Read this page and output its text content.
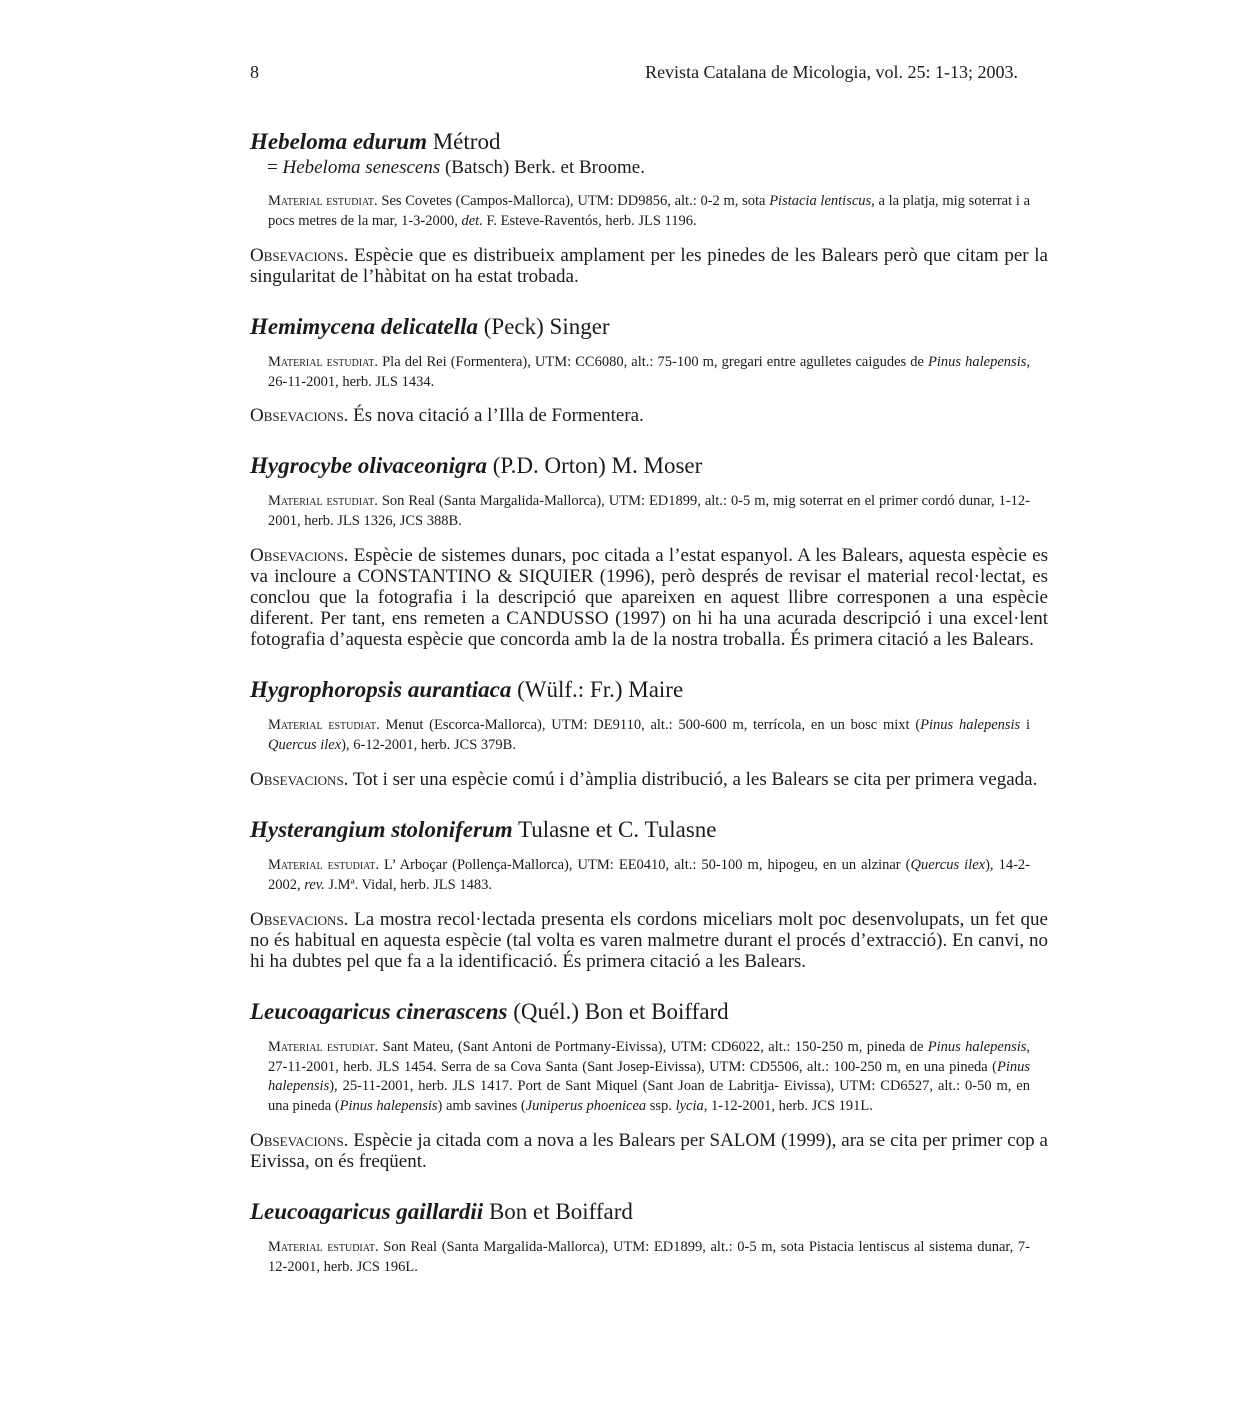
8	Revista Catalana de Micologia, vol. 25: 1-13; 2003.

Hebeloma edurum Métrod

= Hebeloma senescens (Batsch) Berk. et Broome.

Material estudiat. Ses Covetes (Campos-Mallorca), UTM: DD9856, alt.: 0-2 m, sota Pistacia lentiscus, a la platja, mig soterrat i a pocs metres de la mar, 1-3-2000, det. F. Esteve-Raventós, herb. JLS 1196.

Obsevacions. Espècie que es distribueix amplament per les pinedes de les Balears però que citam per la singularitat de l’hàbitat on ha estat trobada.

Hemimycena delicatella (Peck) Singer

Material estudiat. Pla del Rei (Formentera), UTM: CC6080, alt.: 75-100 m, gregari entre agulletes caigudes de Pinus halepensis, 26-11-2001, herb. JLS 1434.

Obsevacions. És nova citació a l’Illa de Formentera.

Hygrocybe olivaceonigra (P.D. Orton) M. Moser

Material estudiat. Son Real (Santa Margalida-Mallorca), UTM: ED1899, alt.: 0-5 m, mig soterrat en el primer cordó dunar, 1-12-2001, herb. JLS 1326, JCS 388B.

Obsevacions. Espècie de sistemes dunars, poc citada a l’estat espanyol. A les Balears, aquesta espècie es va incloure a CONSTANTINO & SIQUIER (1996), però després de revisar el material recol·lectat, es conclou que la fotografia i la descripció que apareixen en aquest llibre corresponen a una espècie diferent. Per tant, ens remeten a CANDUSSO (1997) on hi ha una acurada descripció i una excel·lent fotografia d’aquesta espècie que concorda amb la de la nostra troballa. És primera citació a les Balears.

Hygrophoropsis aurantiaca (Wülf.: Fr.) Maire

Material estudiat. Menut (Escorca-Mallorca), UTM: DE9110, alt.: 500-600 m, terrícola, en un bosc mixt (Pinus halepensis i Quercus ilex), 6-12-2001, herb. JCS 379B.

Obsevacions. Tot i ser una espècie comú i d’àmplia distribució, a les Balears se cita per primera vegada.

Hysterangium stoloniferum Tulasne et C. Tulasne

Material estudiat. L’ Arboçar (Pollença-Mallorca), UTM: EE0410, alt.: 50-100 m, hipogeu, en un alzinar (Quercus ilex), 14-2-2002, rev. J.Mª. Vidal, herb. JLS 1483.

Obsevacions. La mostra recol·lectada presenta els cordons miceliars molt poc desenvolupats, un fet que no és habitual en aquesta espècie (tal volta es varen malmetre durant el procés d’extracció). En canvi, no hi ha dubtes pel que fa a la identificació. És primera citació a les Balears.

Leucoagaricus cinerascens (Quél.) Bon et Boiffard

Material estudiat. Sant Mateu, (Sant Antoni de Portmany-Eivissa), UTM: CD6022, alt.: 150-250 m, pineda de Pinus halepensis, 27-11-2001, herb. JLS 1454. Serra de sa Cova Santa (Sant Josep-Eivissa), UTM: CD5506, alt.: 100-250 m, en una pineda (Pinus halepensis), 25-11-2001, herb. JLS 1417. Port de Sant Miquel (Sant Joan de Labritja- Eivissa), UTM: CD6527, alt.: 0-50 m, en una pineda (Pinus halepensis) amb savines (Juniperus phoenicea ssp. lycia, 1-12-2001, herb. JCS 191L.

Obsevacions. Espècie ja citada com a nova a les Balears per SALOM (1999), ara se cita per primer cop a Eivissa, on és freqüent.

Leucoagaricus gaillardii Bon et Boiffard

Material estudiat. Son Real (Santa Margalida-Mallorca), UTM: ED1899, alt.: 0-5 m, sota Pistacia lentiscus al sistema dunar, 7-12-2001, herb. JCS 196L.
